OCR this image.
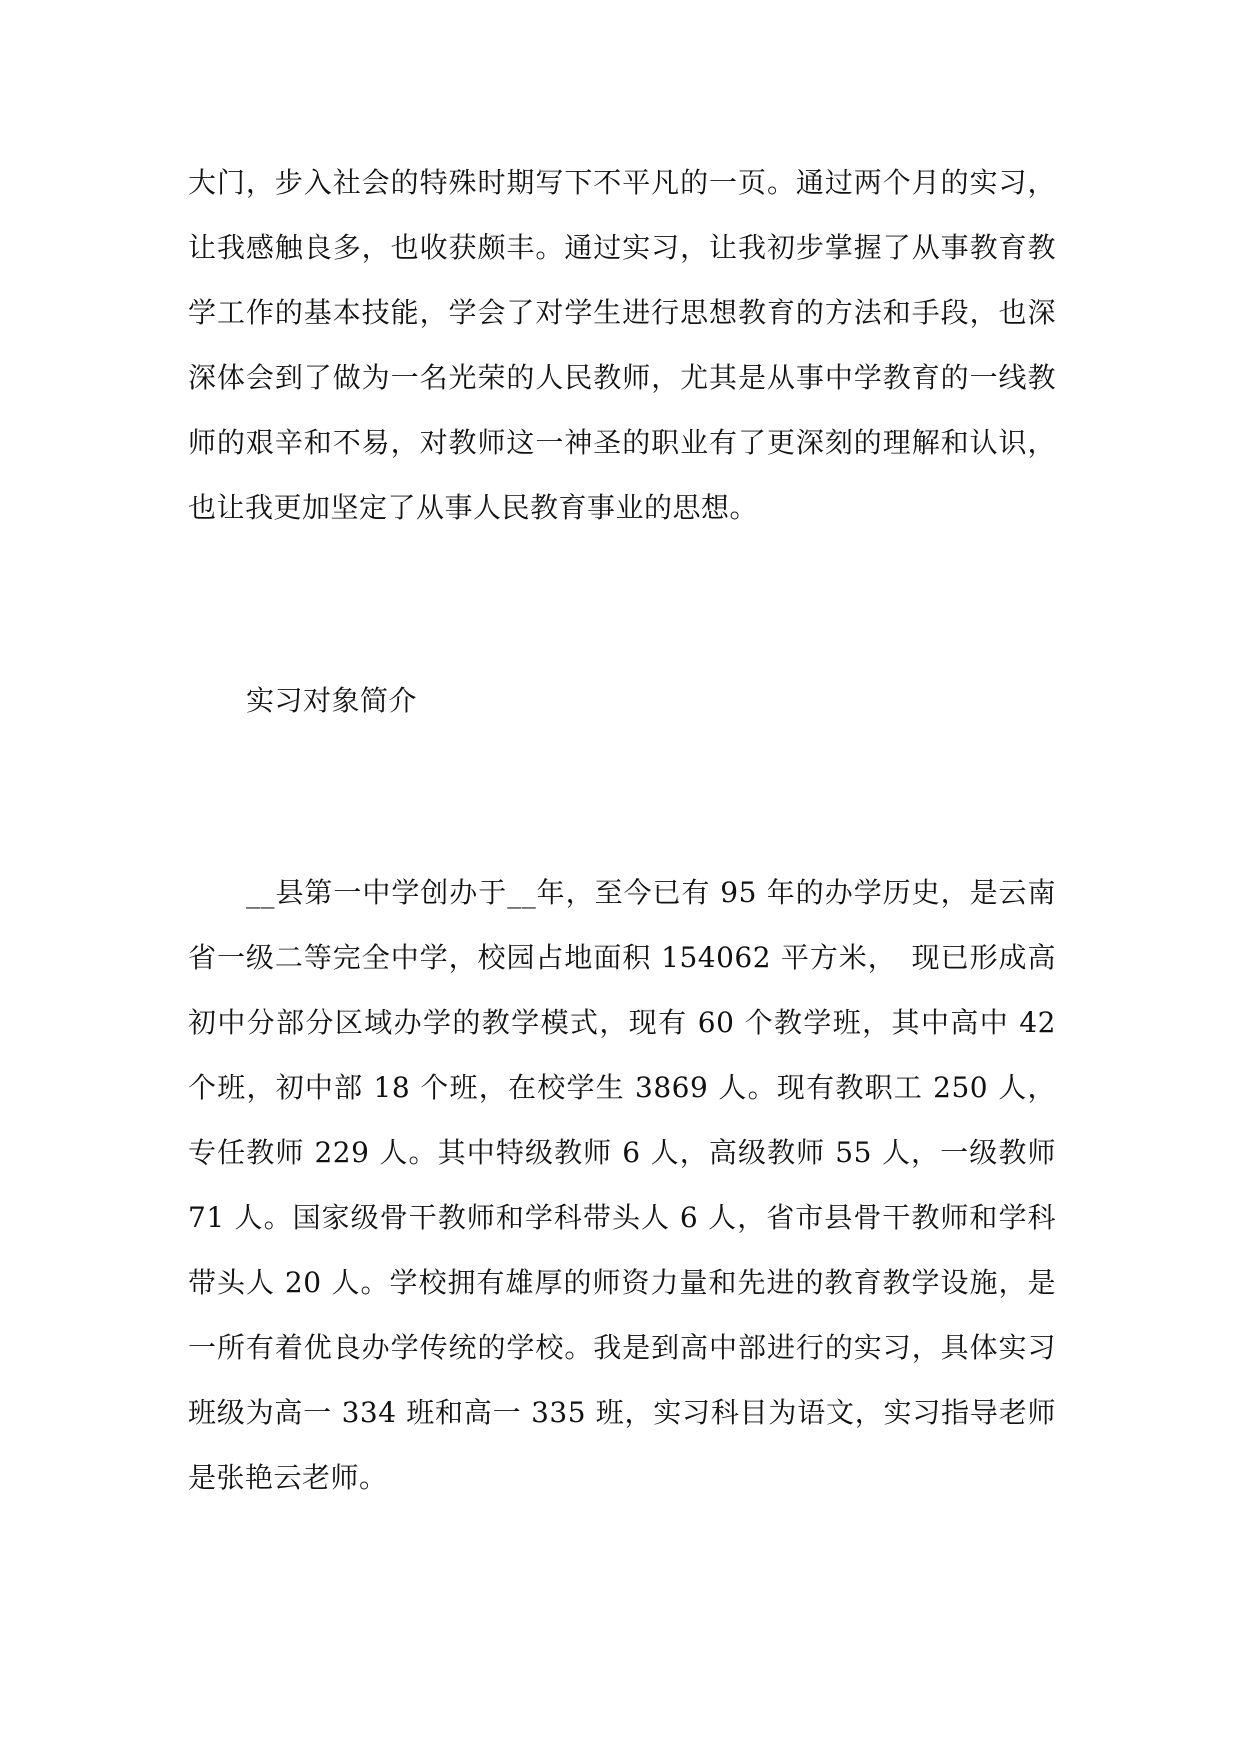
大门，步入社会的特殊时期写下不平凡的一页。通过两个月的实习，让我感触良多，也收获颇丰。通过实习，让我初步掌握了从事教育教学工作的基本技能，学会了对学生进行思想教育的方法和手段，也深深体会到了做为一名光荣的人民教师，尤其是从事中学教育的一线教师的艰辛和不易，对教师这一神圣的职业有了更深刻的理解和认识，也让我更加坚定了从事人民教育事业的思想。

实习对象简介

__县第一中学创办于__年，至今已有 95 年的办学历史，是云南省一级二等完全中学，校园占地面积 154062 平方米，　现已形成高初中分部分区域办学的教学模式，现有 60 个教学班，其中高中 42 个班，初中部 18 个班，在校学生 3869 人。现有教职工 250 人，专任教师 229 人。其中特级教师 6 人，高级教师 55 人，一级教师 71 人。国家级骨干教师和学科带头人 6 人，省市县骨干教师和学科带头人 20 人。学校拥有雄厚的师资力量和先进的教育教学设施，是一所有着优良办学传统的学校。我是到高中部进行的实习，具体实习班级为高一 334 班和高一 335 班，实习科目为语文，实习指导老师是张艳云老师。
